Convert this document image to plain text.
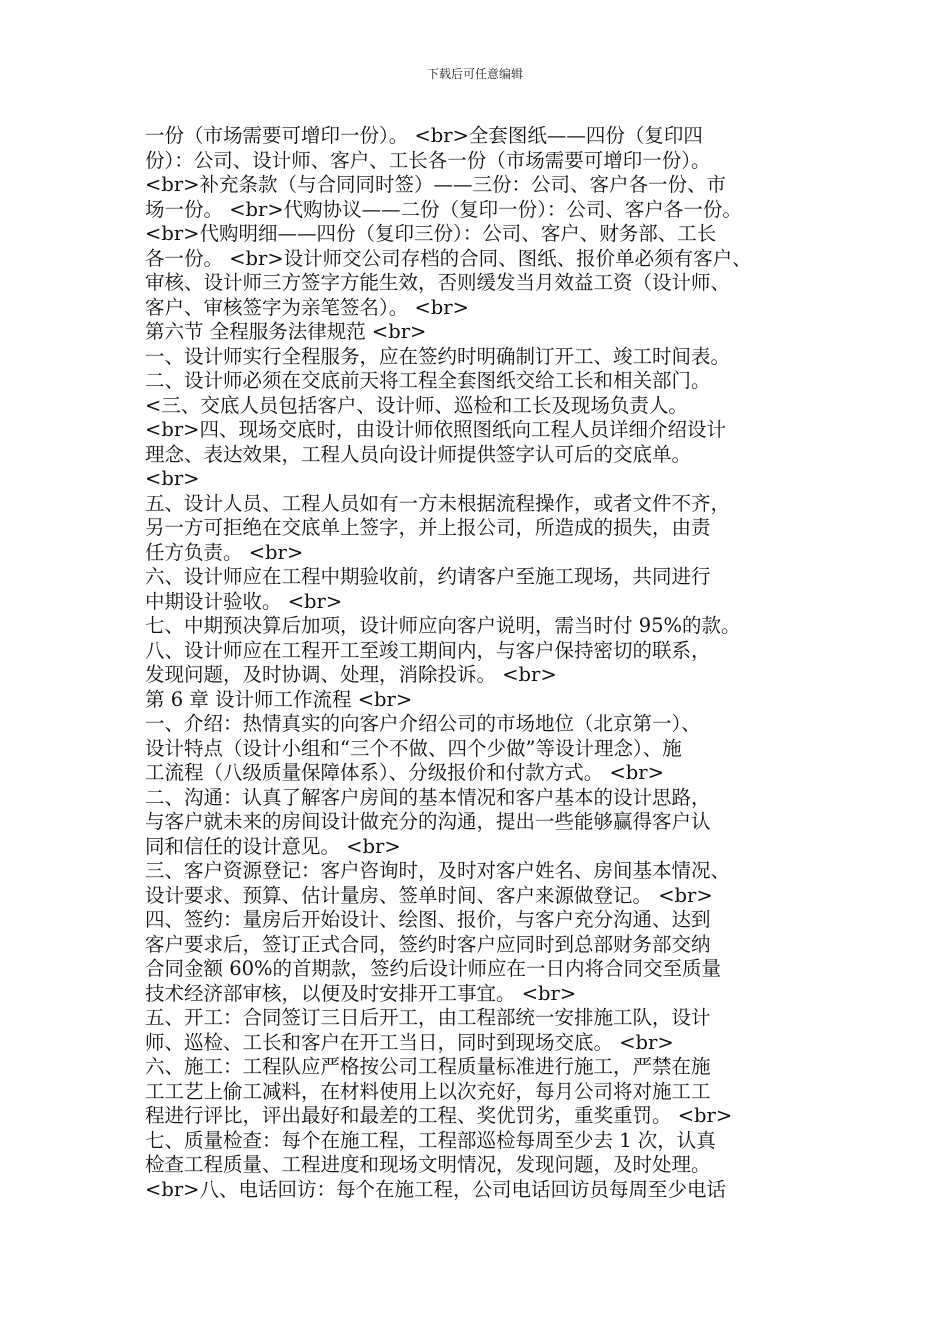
下载后可任意编辑
一份（市场需要可增印一份）。 <br>全套图纸——四份（复印四
份）：公司、设计师、客户、工长各一份（市场需要可增印一份）。
<br>补充条款（与合同同时签）——三份：公司、客户各一份、市
场一份。 <br>代购协议——二份（复印一份）：公司、客户各一份。
<br>代购明细——四份（复印三份）：公司、客户、财务部、工长
各一份。 <br>设计师交公司存档的合同、图纸、报价单必须有客户、
审核、设计师三方签字方能生效，否则缓发当月效益工资（设计师、
客户、审核签字为亲笔签名）。 <br>
第六节 全程服务法律规范 <br>
一、设计师实行全程服务，应在签约时明确制订开工、竣工时间表。
二、设计师必须在交底前天将工程全套图纸交给工长和相关部门。
<三、交底人员包括客户、设计师、巡检和工长及现场负责人。
<br>四、现场交底时，由设计师依照图纸向工程人员详细介绍设计
理念、表达效果，工程人员向设计师提供签字认可后的交底单。
<br>
五、设计人员、工程人员如有一方未根据流程操作，或者文件不齐，
另一方可拒绝在交底单上签字，并上报公司，所造成的损失，由责
任方负责。 <br>
六、设计师应在工程中期验收前，约请客户至施工现场，共同进行
中期设计验收。 <br>
七、中期预决算后加项，设计师应向客户说明，需当时付 95%的款。
八、设计师应在工程开工至竣工期间内，与客户保持密切的联系，
发现问题，及时协调、处理，消除投诉。 <br>
第 6 章 设计师工作流程 <br>
一、介绍：热情真实的向客户介绍公司的市场地位（北京第一）、
设计特点（设计小组和“三个不做、四个少做”等设计理念）、施
工流程（八级质量保障体系）、分级报价和付款方式。 <br>
二、沟通：认真了解客户房间的基本情况和客户基本的设计思路，
与客户就未来的房间设计做充分的沟通，提出一些能够赢得客户认
同和信任的设计意见。 <br>
三、客户资源登记：客户咨询时，及时对客户姓名、房间基本情况、
设计要求、预算、估计量房、签单时间、客户来源做登记。 <br>
四、签约：量房后开始设计、绘图、报价，与客户充分沟通、达到
客户要求后，签订正式合同，签约时客户应同时到总部财务部交纳
合同金额 60%的首期款，签约后设计师应在一日内将合同交至质量
技术经济部审核，以便及时安排开工事宜。 <br>
五、开工：合同签订三日后开工，由工程部统一安排施工队，设计
师、巡检、工长和客户在开工当日，同时到现场交底。 <br>
六、施工：工程队应严格按公司工程质量标准进行施工，严禁在施
工工艺上偷工减料，在材料使用上以次充好，每月公司将对施工工
程进行评比，评出最好和最差的工程、奖优罚劣，重奖重罚。 <br>
七、质量检查：每个在施工程，工程部巡检每周至少去 1 次，认真
检查工程质量、工程进度和现场文明情况，发现问题，及时处理。
<br>八、电话回访：每个在施工程，公司电话回访员每周至少电话
